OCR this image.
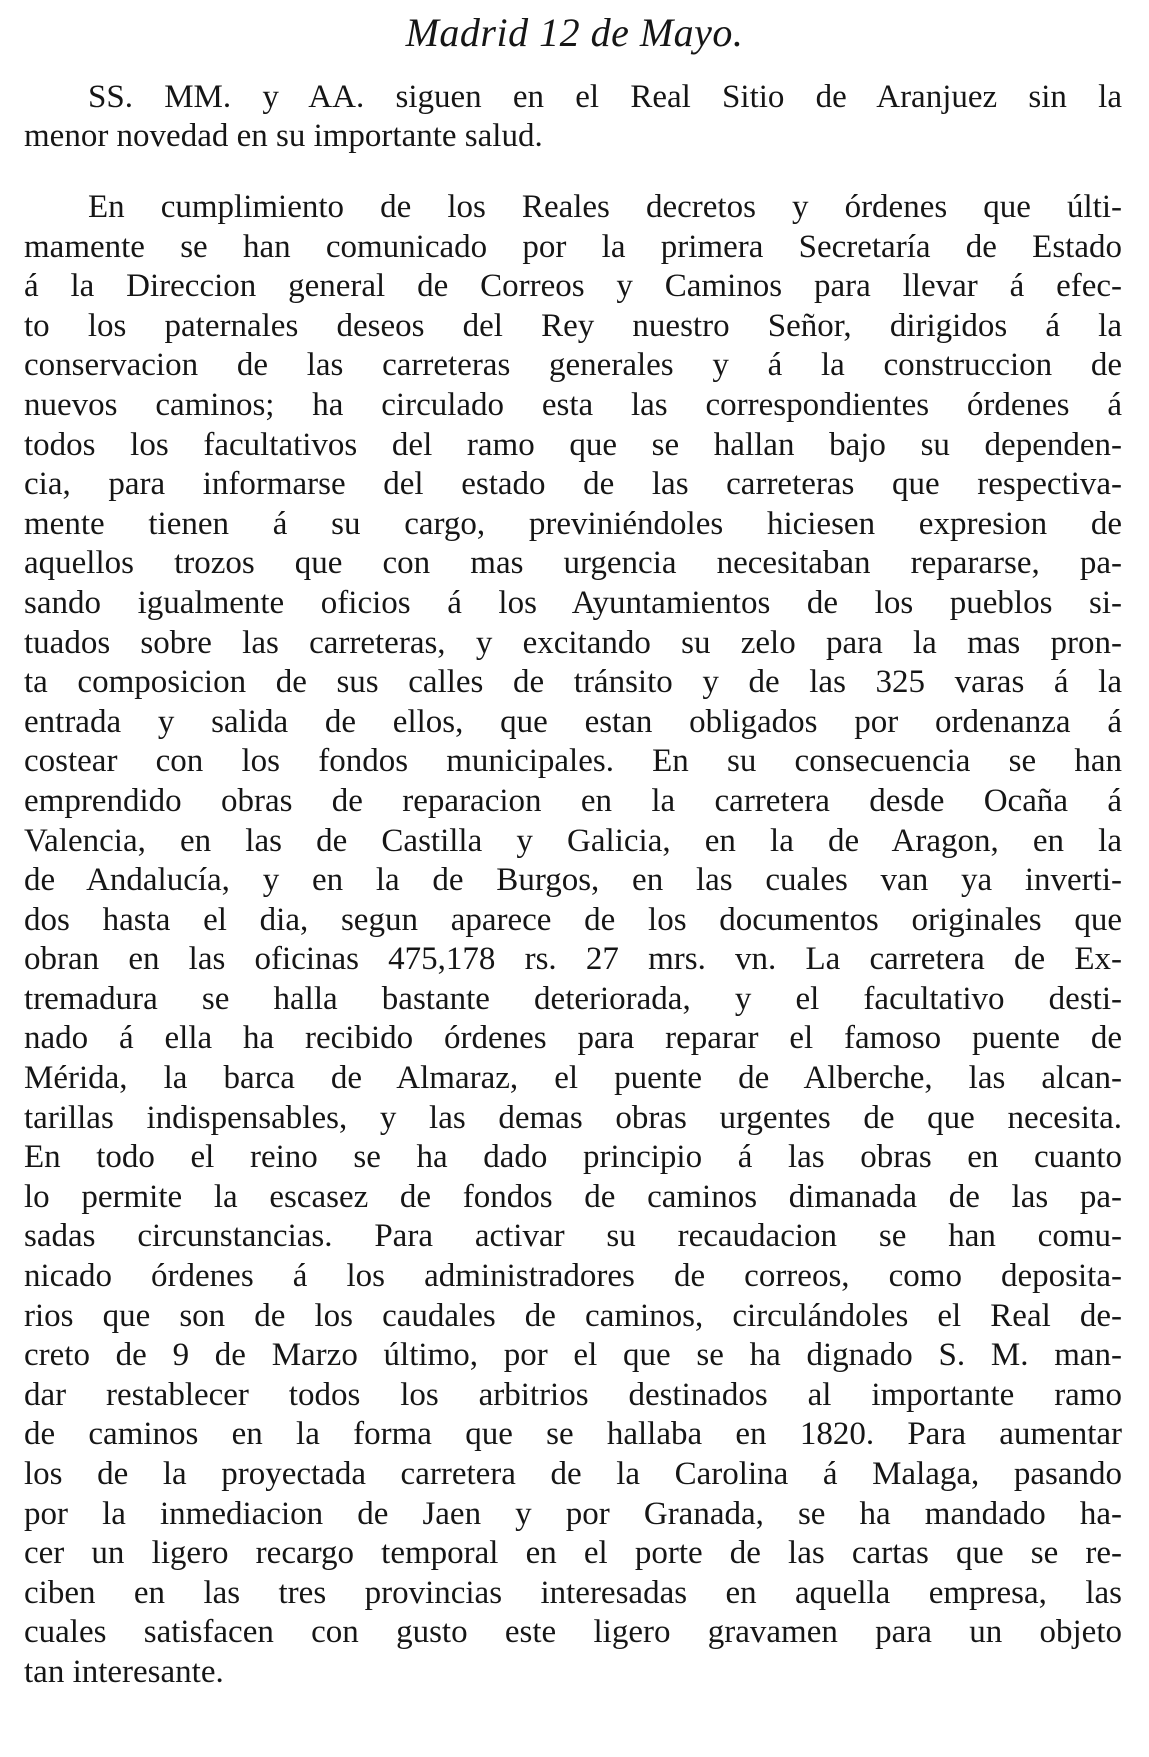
Madrid 12 de Mayo.
SS. MM. y AA. siguen en el Real Sitio de Aranjuez sin la
menor novedad en su importante salud.
En cumplimiento de los Reales decretos y órdenes que últi-
mamente se han comunicado por la primera Secretaría de Estado
á la Direccion general de Correos y Caminos para llevar á efec-
to los paternales deseos del Rey nuestro Señor, dirigidos á la
conservacion de las carreteras generales y á la construccion de
nuevos caminos; ha circulado esta las correspondientes órdenes á
todos los facultativos del ramo que se hallan bajo su dependen-
cia, para informarse del estado de las carreteras que respectiva-
mente tienen á su cargo, previniéndoles hiciesen expresion de
aquellos trozos que con mas urgencia necesitaban repararse, pa-
sando igualmente oficios á los Ayuntamientos de los pueblos si-
tuados sobre las carreteras, y excitando su zelo para la mas pron-
ta composicion de sus calles de tránsito y de las 325 varas á la
entrada y salida de ellos, que estan obligados por ordenanza á
costear con los fondos municipales. En su consecuencia se han
emprendido obras de reparacion en la carretera desde Ocaña á
Valencia, en las de Castilla y Galicia, en la de Aragon, en la
de Andalucía, y en la de Burgos, en las cuales van ya inverti-
dos hasta el dia, segun aparece de los documentos originales que
obran en las oficinas 475,178 rs. 27 mrs. vn. La carretera de Ex-
tremadura se halla bastante deteriorada, y el facultativo desti-
nado á ella ha recibido órdenes para reparar el famoso puente de
Mérida, la barca de Almaraz, el puente de Alberche, las alcan-
tarillas indispensables, y las demas obras urgentes de que necesita.
En todo el reino se ha dado principio á las obras en cuanto
lo permite la escasez de fondos de caminos dimanada de las pa-
sadas circunstancias. Para activar su recaudacion se han comu-
nicado órdenes á los administradores de correos, como deposita-
rios que son de los caudales de caminos, circulándoles el Real de-
creto de 9 de Marzo último, por el que se ha dignado S. M. man-
dar restablecer todos los arbitrios destinados al importante ramo
de caminos en la forma que se hallaba en 1820. Para aumentar
los de la proyectada carretera de la Carolina á Malaga, pasando
por la inmediacion de Jaen y por Granada, se ha mandado ha-
cer un ligero recargo temporal en el porte de las cartas que se re-
ciben en las tres provincias interesadas en aquella empresa, las
cuales satisfacen con gusto este ligero gravamen para un objeto
tan interesante.
